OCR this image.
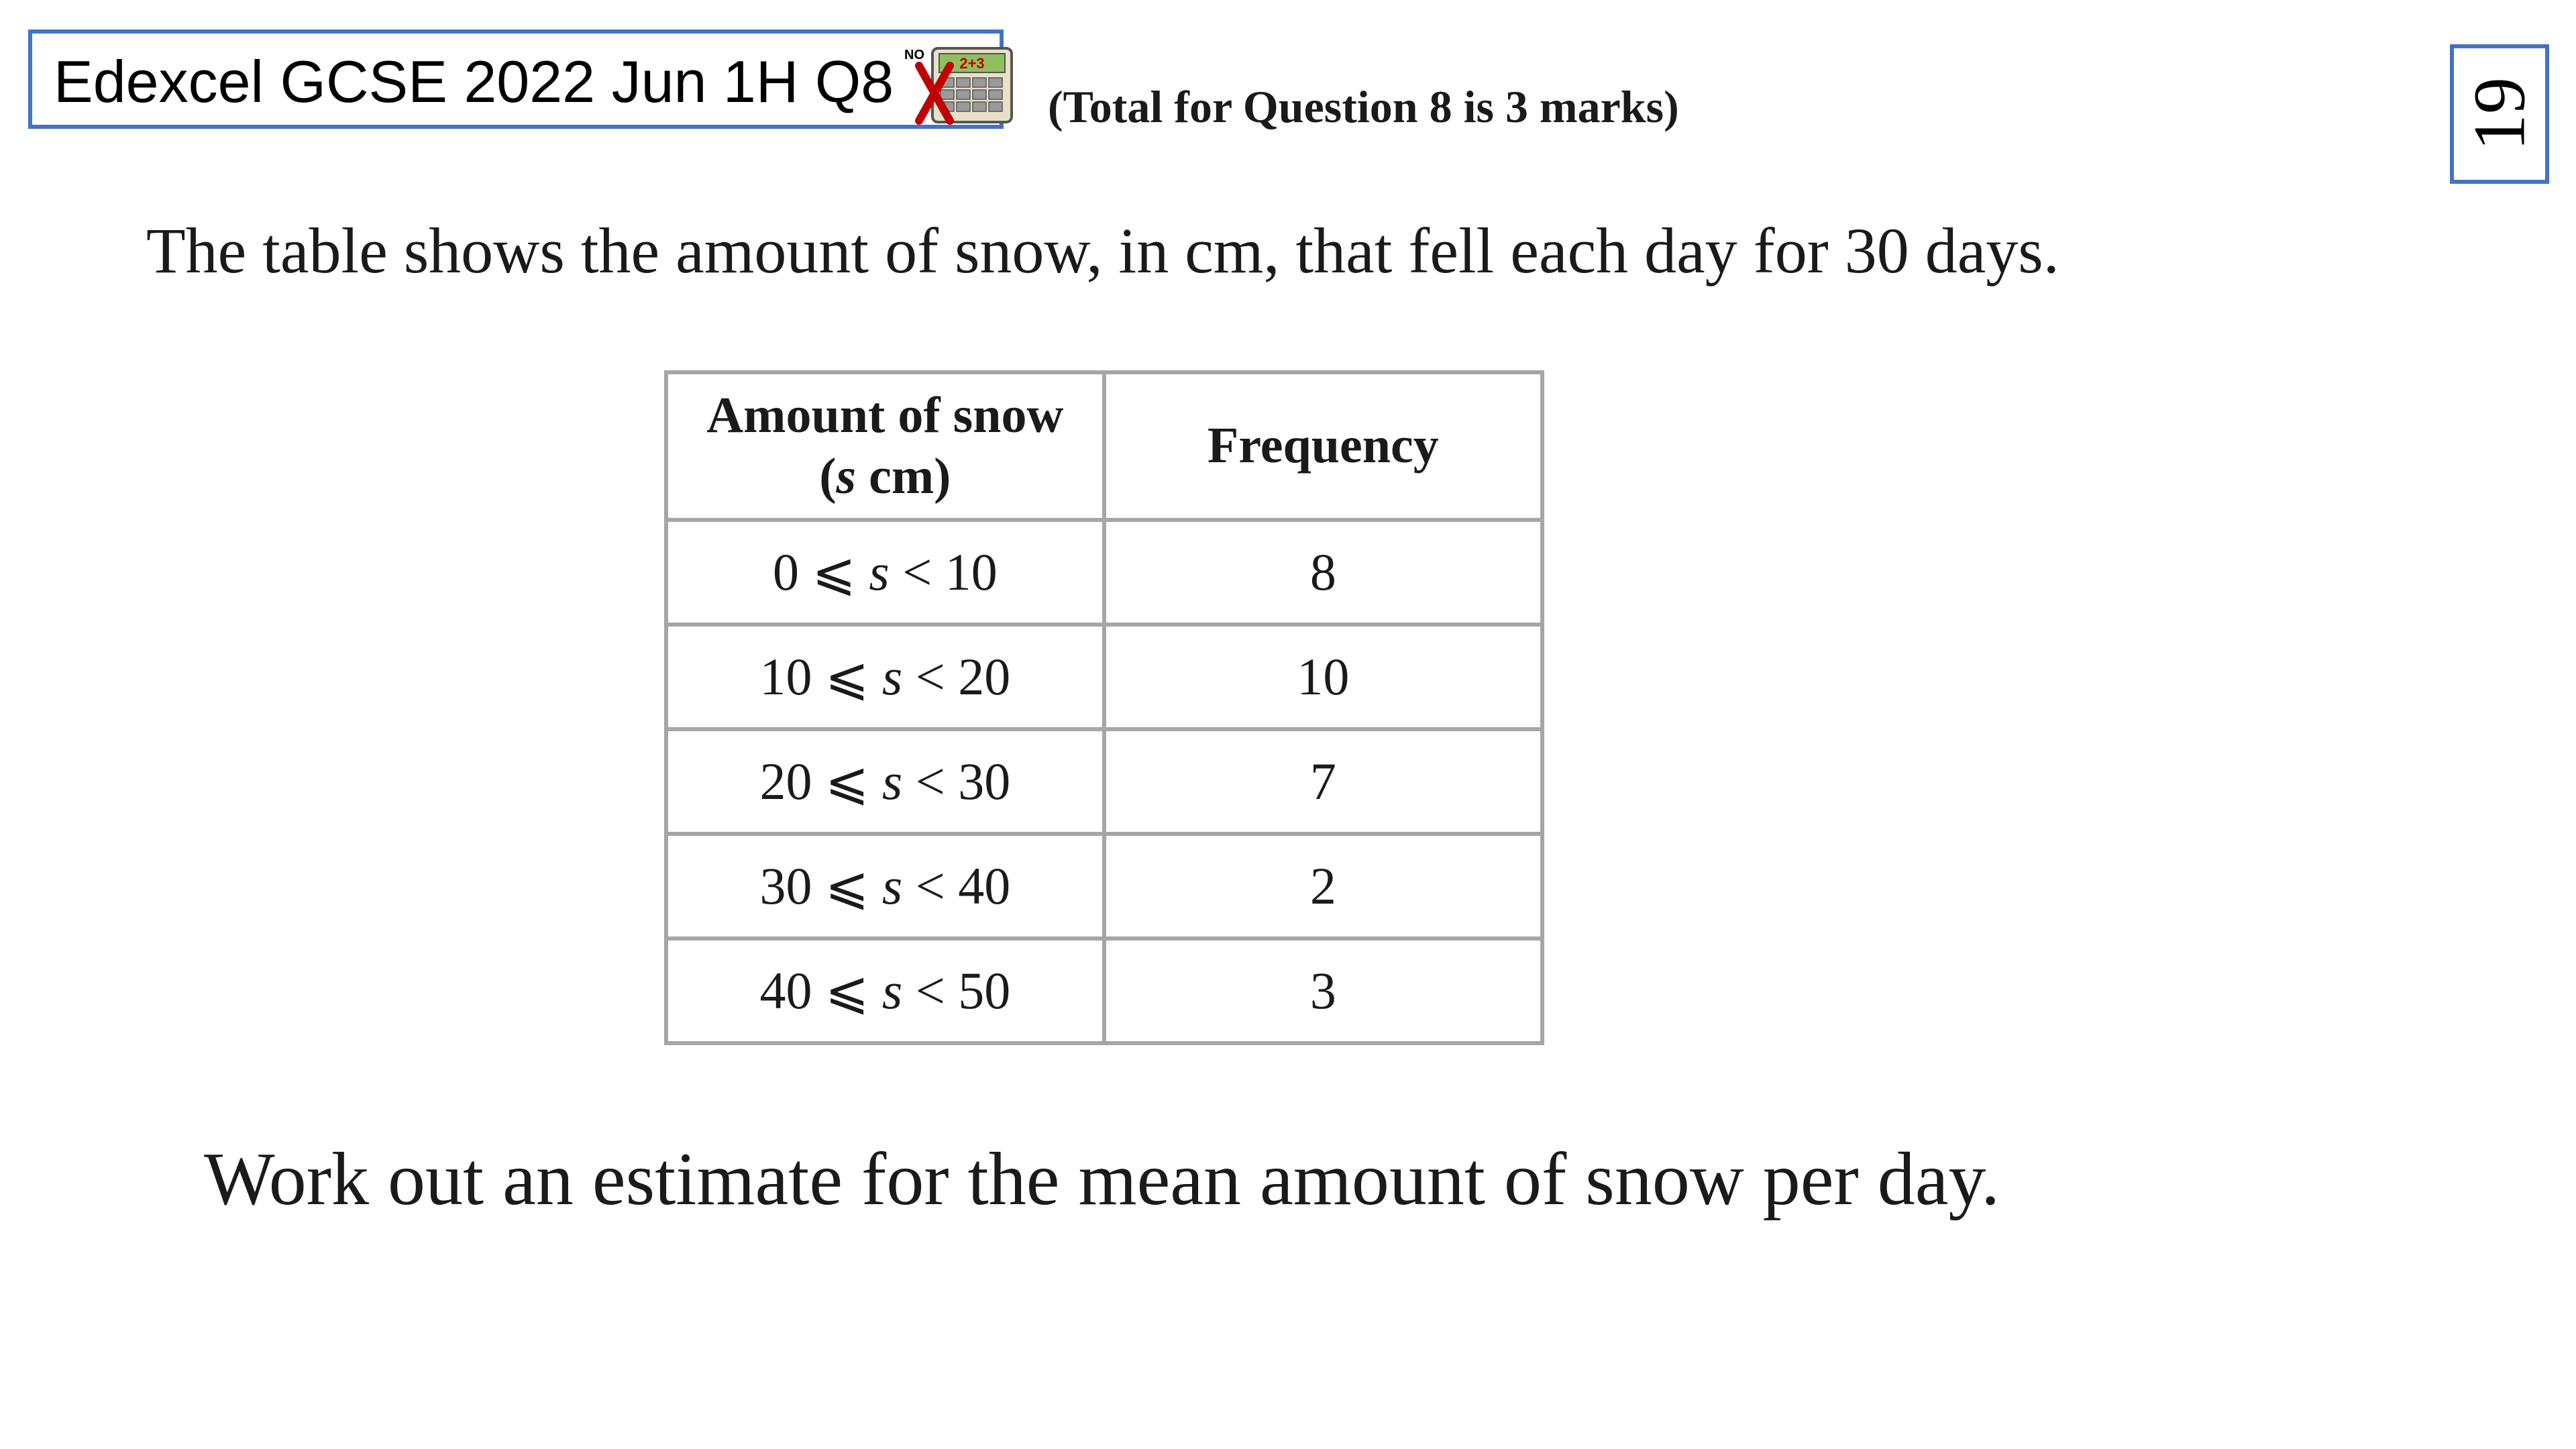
Edexcel GCSE 2022 Jun 1H Q8 NO 2+3
(Total for Question 8 is 3 marks)	19
The table shows the amount of snow, in cm, that fell each day for 30 days.
Amount of snow
(s cm)	Frequency
0 ⩽ s < 10	8
10 ⩽ s < 20	10
20 ⩽ s < 30	7
30 ⩽ s < 40	2
40 ⩽ s < 50	3
Work out an estimate for the mean amount of snow per day.
